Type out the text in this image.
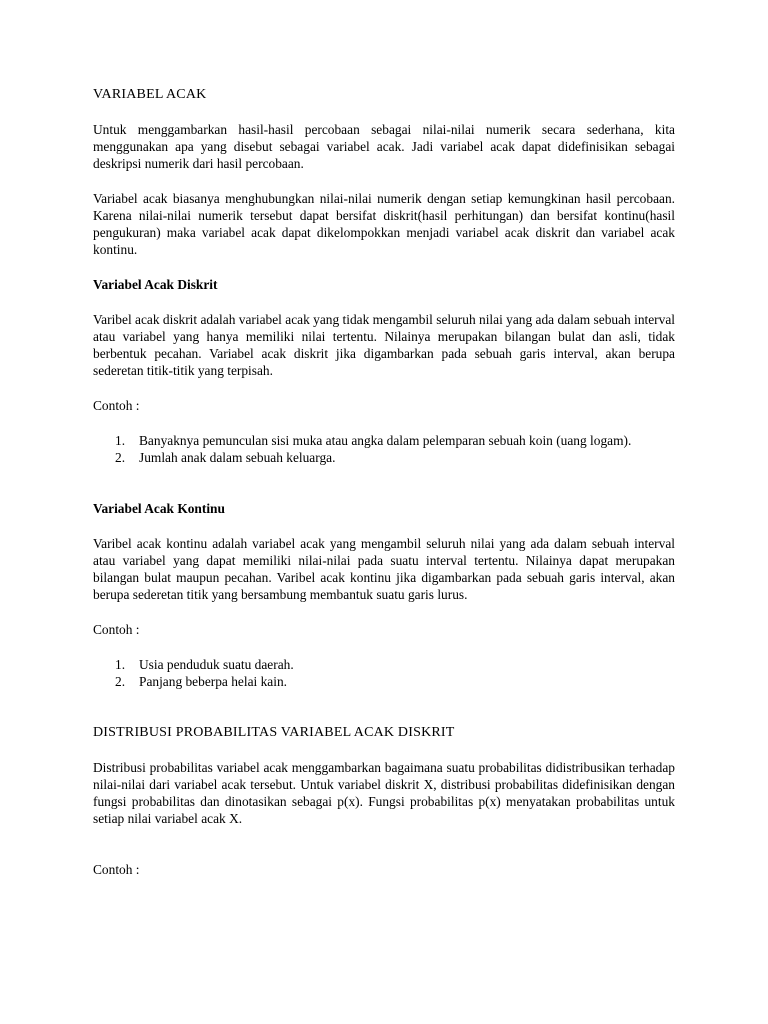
VARIABEL ACAK

Untuk menggambarkan hasil-hasil percobaan sebagai nilai-nilai numerik secara sederhana, kita menggunakan apa yang disebut sebagai variabel acak. Jadi variabel acak dapat didefinisikan sebagai deskripsi numerik dari hasil percobaan.

Variabel acak biasanya menghubungkan nilai-nilai numerik dengan setiap kemungkinan hasil percobaan. Karena nilai-nilai numerik tersebut dapat bersifat diskrit(hasil perhitungan) dan bersifat kontinu(hasil pengukuran) maka variabel acak dapat dikelompokkan menjadi variabel acak diskrit dan variabel acak kontinu.

Variabel Acak Diskrit

Varibel acak diskrit adalah variabel acak yang tidak mengambil seluruh nilai yang ada dalam sebuah interval atau variabel yang hanya memiliki nilai tertentu. Nilainya merupakan bilangan bulat dan asli, tidak berbentuk pecahan. Variabel acak diskrit jika digambarkan pada sebuah garis interval, akan berupa sederetan titik-titik yang terpisah.

Contoh :
1. Banyaknya pemunculan sisi muka atau angka dalam pelemparan sebuah koin (uang logam).
2. Jumlah anak dalam sebuah keluarga.
Variabel Acak Kontinu

Varibel acak kontinu adalah variabel acak yang mengambil seluruh nilai yang ada dalam sebuah interval atau variabel yang dapat memiliki nilai-nilai pada suatu interval tertentu. Nilainya dapat merupakan bilangan bulat maupun pecahan. Varibel acak kontinu jika digambarkan pada sebuah garis interval, akan berupa sederetan titik yang bersambung membantuk suatu garis lurus.

Contoh :
1. Usia penduduk suatu daerah.
2. Panjang beberpa helai kain.
DISTRIBUSI PROBABILITAS VARIABEL ACAK DISKRIT

Distribusi probabilitas variabel acak menggambarkan bagaimana suatu probabilitas didistribusikan terhadap nilai-nilai dari variabel acak tersebut. Untuk variabel diskrit X, distribusi probabilitas didefinisikan dengan fungsi probabilitas dan dinotasikan sebagai p(x). Fungsi probabilitas p(x) menyatakan probabilitas untuk setiap nilai variabel acak X.

Contoh :
